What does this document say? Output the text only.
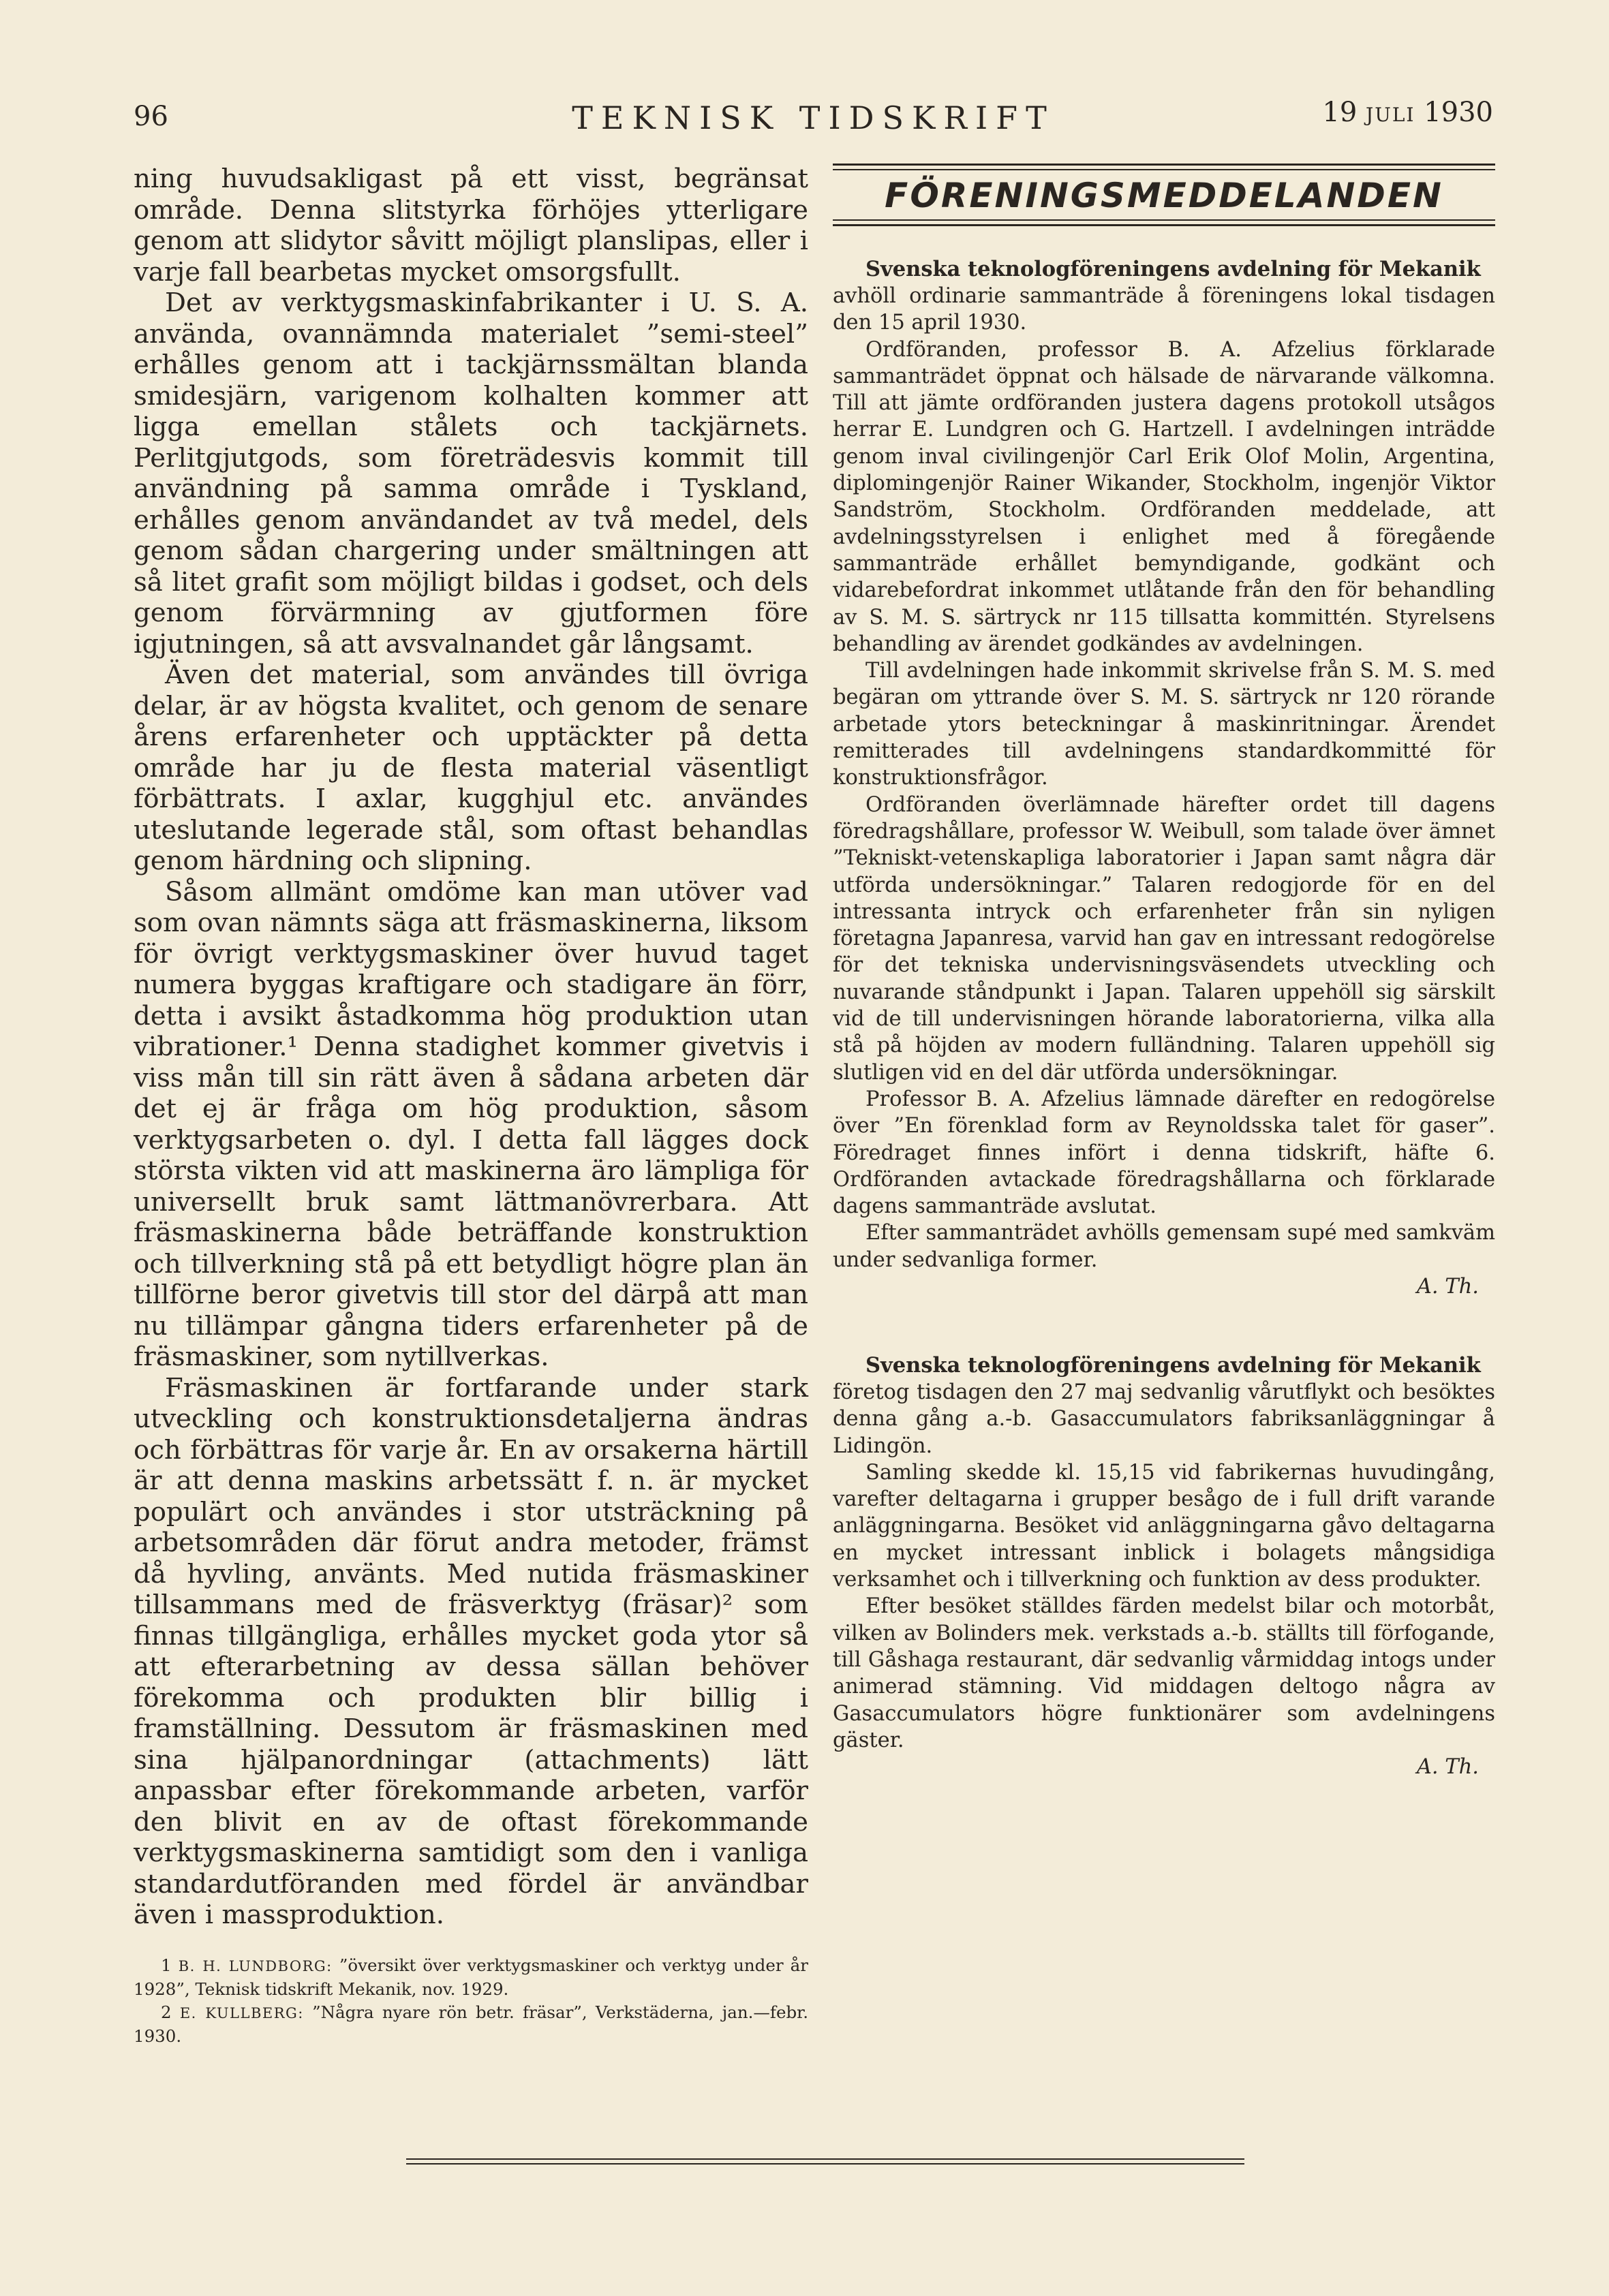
96	TEKNISK TIDSKRIFT	19 JULI 1930

ning huvudsakligast på ett visst, begränsat område. Denna slitstyrka förhöjes ytterligare genom att slidytor såvitt möjligt planslipas, eller i varje fall bearbetas mycket omsorgsfullt.

Det av verktygsmaskinfabrikanter i U. S. A. använda, ovannämnda materialet ”semi-steel” erhålles genom att i tackjärnssmältan blanda smidesjärn, varigenom kolhalten kommer att ligga emellan stålets och tackjärnets. Perlitgjutgods, som företrädesvis kommit till användning på samma område i Tyskland, erhålles genom användandet av två medel, dels genom sådan chargering under smältningen att så litet grafit som möjligt bildas i godset, och dels genom förvärmning av gjutformen före igjutningen, så att avsvalnandet går långsamt.

Även det material, som användes till övriga delar, är av högsta kvalitet, och genom de senare årens erfarenheter och upptäckter på detta område har ju de flesta material väsentligt förbättrats. I axlar, kugghjul etc. användes uteslutande legerade stål, som oftast behandlas genom härdning och slipning.

Såsom allmänt omdöme kan man utöver vad som ovan nämnts säga att fräsmaskinerna, liksom för övrigt verktygsmaskiner över huvud taget numera byggas kraftigare och stadigare än förr, detta i avsikt åstadkomma hög produktion utan vibrationer.¹ Denna stadighet kommer givetvis i viss mån till sin rätt även å sådana arbeten där det ej är fråga om hög produktion, såsom verktygsarbeten o. dyl. I detta fall lägges dock största vikten vid att maskinerna äro lämpliga för universellt bruk samt lättmanövrerbara. Att fräsmaskinerna både beträffande konstruktion och tillverkning stå på ett betydligt högre plan än tillförne beror givetvis till stor del därpå att man nu tillämpar gångna tiders erfarenheter på de fräsmaskiner, som nytillverkas.

Fräsmaskinen är fortfarande under stark utveckling och konstruktionsdetaljerna ändras och förbättras för varje år. En av orsakerna härtill är att denna maskins arbetssätt f. n. är mycket populärt och användes i stor utsträckning på arbetsområden där förut andra metoder, främst då hyvling, använts. Med nutida fräsmaskiner tillsammans med de fräsverktyg (fräsar)² som finnas tillgängliga, erhålles mycket goda ytor så att efterarbetning av dessa sällan behöver förekomma och produkten blir billig i framställning. Dessutom är fräsmaskinen med sina hjälpanordningar (attachments) lätt anpassbar efter förekommande arbeten, varför den blivit en av de oftast förekommande verktygsmaskinerna samtidigt som den i vanliga standardutföranden med fördel är användbar även i massproduktion.

1 B. H. LUNDBORG: ”översikt över verktygsmaskiner och verktyg under år 1928”, Teknisk tidskrift Mekanik, nov. 1929.

2 E. KULLBERG: ”Några nyare rön betr. fräsar”, Verkstäderna, jan.—febr. 1930.

FÖRENINGSMEDDELANDEN
Svenska teknologföreningens avdelning för Mekanik

avhöll ordinarie sammanträde å föreningens lokal tisdagen den 15 april 1930.

Ordföranden, professor B. A. Afzelius förklarade sammanträdet öppnat och hälsade de närvarande välkomna. Till att jämte ordföranden justera dagens protokoll utsågos herrar E. Lundgren och G. Hartzell. I avdelningen inträdde genom inval civilingenjör Carl Erik Olof Molin, Argentina, diplomingenjör Rainer Wikander, Stockholm, ingenjör Viktor Sandström, Stockholm. Ordföranden meddelade, att avdelningsstyrelsen i enlighet med å föregående sammanträde erhållet bemyndigande, godkänt och vidarebefordrat inkommet utlåtande från den för behandling av S. M. S. särtryck nr 115 tillsatta kommittén. Styrelsens behandling av ärendet godkändes av avdelningen.

Till avdelningen hade inkommit skrivelse från S. M. S. med begäran om yttrande över S. M. S. särtryck nr 120 rörande arbetade ytors beteckningar å maskinritningar. Ärendet remitterades till avdelningens standardkommitté för konstruktionsfrågor.

Ordföranden överlämnade härefter ordet till dagens föredragshållare, professor W. Weibull, som talade över ämnet ”Tekniskt-vetenskapliga laboratorier i Japan samt några där utförda undersökningar.” Talaren redogjorde för en del intressanta intryck och erfarenheter från sin nyligen företagna Japanresa, varvid han gav en intressant redogörelse för det tekniska undervisningsväsendets utveckling och nuvarande ståndpunkt i Japan. Talaren uppehöll sig särskilt vid de till undervisningen hörande laboratorierna, vilka alla stå på höjden av modern fulländning. Talaren uppehöll sig slutligen vid en del där utförda undersökningar.

Professor B. A. Afzelius lämnade därefter en redogörelse över ”En förenklad form av Reynoldsska talet för gaser”. Föredraget finnes infört i denna tidskrift, häfte 6. Ordföranden avtackade föredragshållarna och förklarade dagens sammanträde avslutat.

Efter sammanträdet avhölls gemensam supé med samkväm under sedvanliga former.

A. Th.
Svenska teknologföreningens avdelning för Mekanik

företog tisdagen den 27 maj sedvanlig vårutflykt och besöktes denna gång a.-b. Gasaccumulators fabriksanläggningar å Lidingön.

Samling skedde kl. 15,15 vid fabrikernas huvudingång, varefter deltagarna i grupper besågo de i full drift varande anläggningarna. Besöket vid anläggningarna gåvo deltagarna en mycket intressant inblick i bolagets mångsidiga verksamhet och i tillverkning och funktion av dess produkter.

Efter besöket ställdes färden medelst bilar och motorbåt, vilken av Bolinders mek. verkstads a.-b. ställts till förfogande, till Gåshaga restaurant, där sedvanlig vårmiddag intogs under animerad stämning. Vid middagen deltogo några av Gasaccumulators högre funktionärer som avdelningens gäster.

A. Th.
